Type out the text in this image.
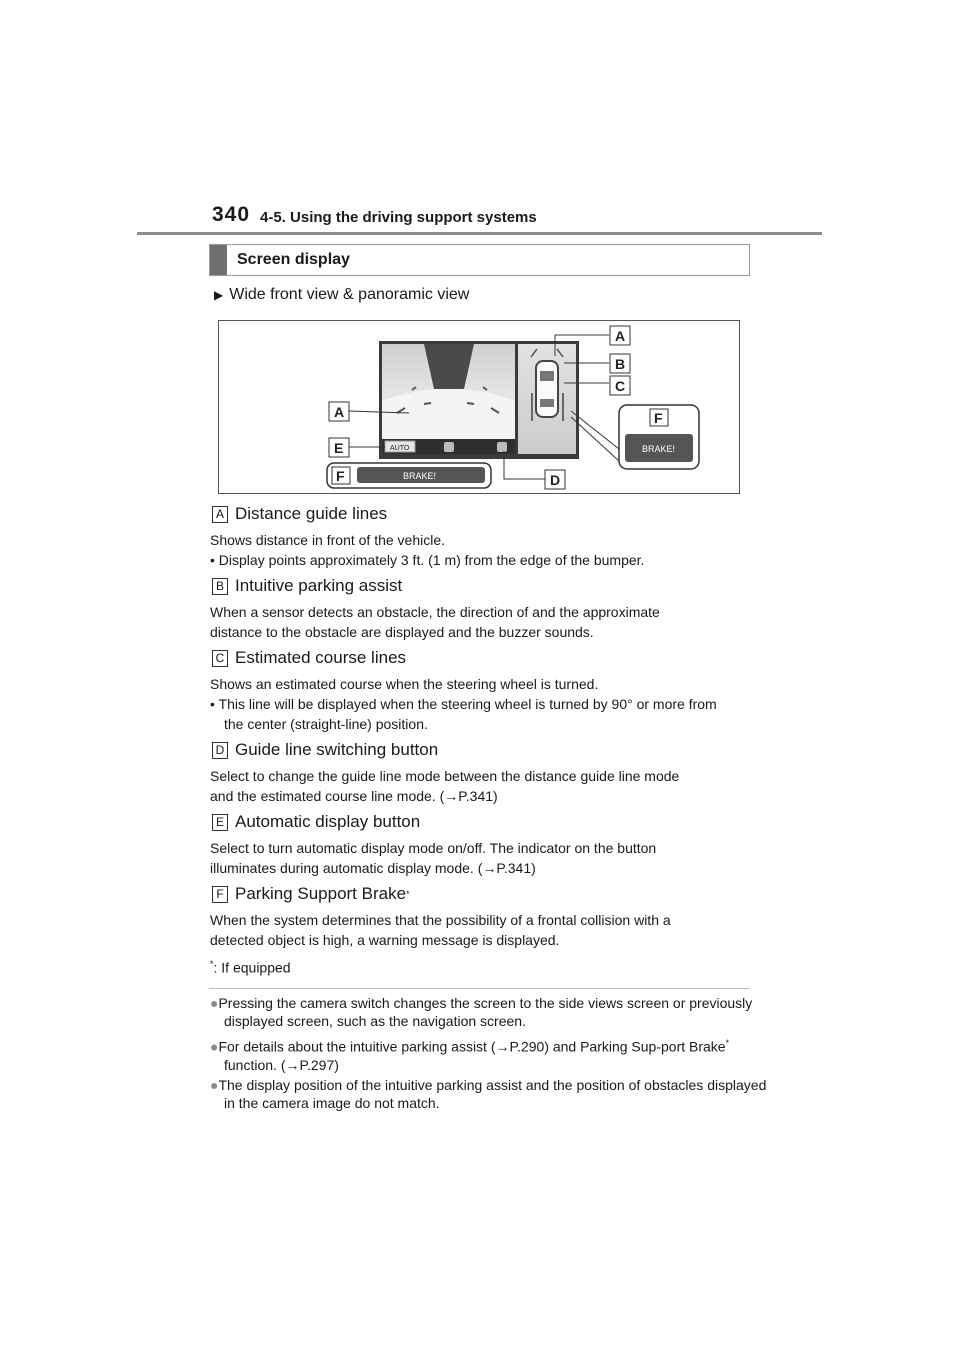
340 4-5. Using the driving support systems
Screen display
▶ Wide front view & panoramic view
AUTO
A
B
C
A
E
F	BRAKE!	D
F
BRAKE!
A Distance guide lines
Shows distance in front of the vehicle.
• Display points approximately 3 ft. (1 m) from the edge of the bumper.
B Intuitive parking assist
When a sensor detects an obstacle, the direction of and the approximate
distance to the obstacle are displayed and the buzzer sounds.
C Estimated course lines
Shows an estimated course when the steering wheel is turned.
• This line will be displayed when the steering wheel is turned by 90° or more from the center (straight-line) position.
D Guide line switching button
Select to change the guide line mode between the distance guide line mode
and the estimated course line mode. (→P.341)
E Automatic display button
Select to turn automatic display mode on/off. The indicator on the button
illuminates during automatic display mode. (→P.341)
F Parking Support Brake *
When the system determines that the possibility of a frontal collision with a
detected object is high, a warning message is displayed.
*: If equipped
●Pressing the camera switch changes the screen to the side views screen or previously displayed screen, such as the navigation screen.
●For details about the intuitive parking assist (→P.290) and Parking Sup-port Brake* function. (→P.297)
●The display position of the intuitive parking assist and the position of obstacles displayed in the camera image do not match.
